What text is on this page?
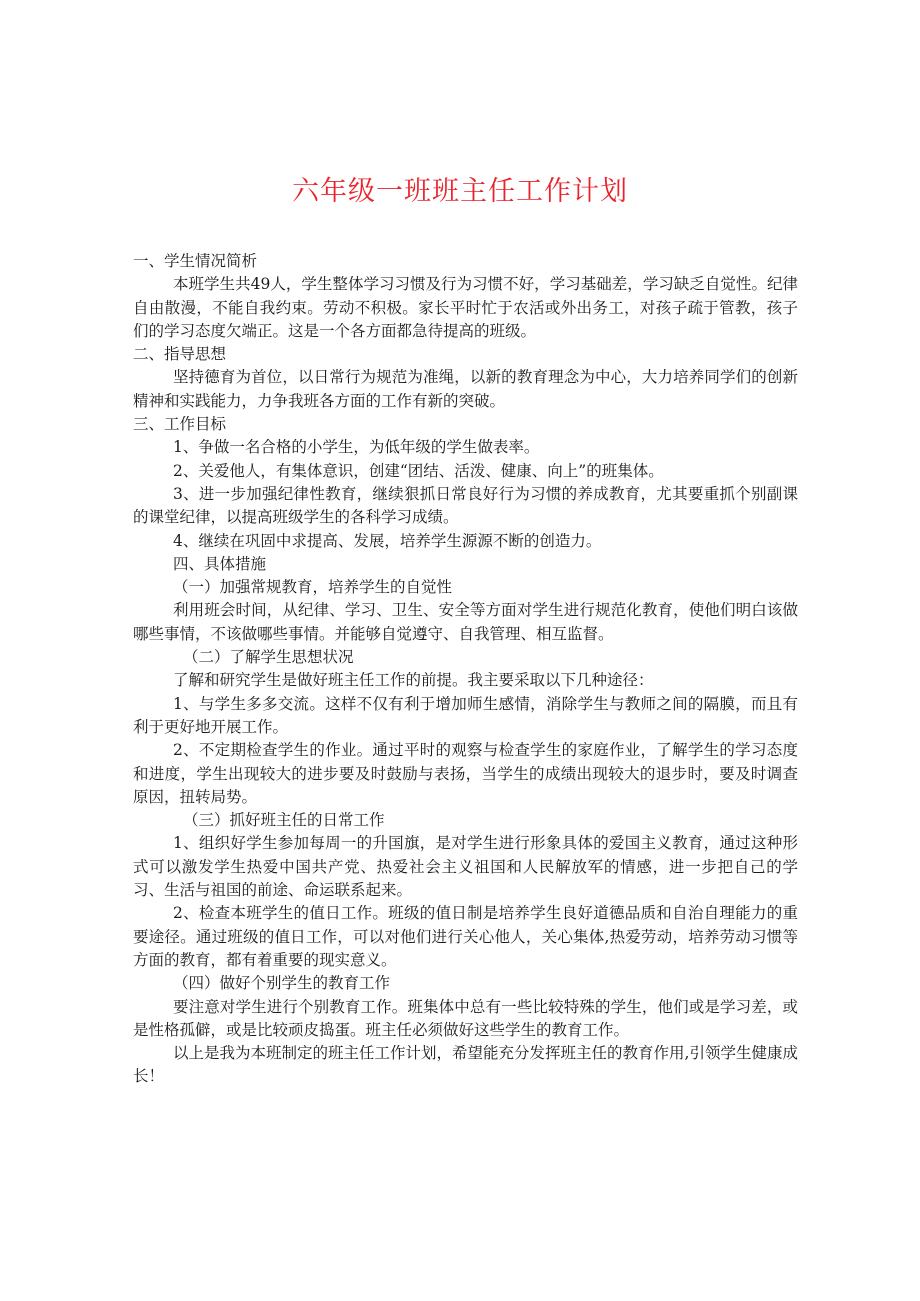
六年级一班班主任工作计划

一、学生情况简析

本班学生共49人，学生整体学习习惯及行为习惯不好，学习基础差，学习缺乏自觉性。纪律自由散漫，不能自我约束。劳动不积极。家长平时忙于农活或外出务工，对孩子疏于管教，孩子们的学习态度欠端正。这是一个各方面都急待提高的班级。

二、指导思想

坚持德育为首位，以日常行为规范为准绳，以新的教育理念为中心，大力培养同学们的创新精神和实践能力，力争我班各方面的工作有新的突破。

三、工作目标

1、争做一名合格的小学生，为低年级的学生做表率。

2、关爱他人，有集体意识，创建“团结、活泼、健康、向上”的班集体。

3、进一步加强纪律性教育，继续狠抓日常良好行为习惯的养成教育，尤其要重抓个别副课的课堂纪律，以提高班级学生的各科学习成绩。

4、继续在巩固中求提高、发展，培养学生源源不断的创造力。

四、具体措施

（一）加强常规教育，培养学生的自觉性

利用班会时间，从纪律、学习、卫生、安全等方面对学生进行规范化教育，使他们明白该做哪些事情，不该做哪些事情。并能够自觉遵守、自我管理、相互监督。

（二）了解学生思想状况

了解和研究学生是做好班主任工作的前提。我主要采取以下几种途径：

1、与学生多多交流。这样不仅有利于增加师生感情，消除学生与教师之间的隔膜，而且有利于更好地开展工作。

2、不定期检查学生的作业。通过平时的观察与检查学生的家庭作业，了解学生的学习态度和进度，学生出现较大的进步要及时鼓励与表扬，当学生的成绩出现较大的退步时，要及时调查原因，扭转局势。

（三）抓好班主任的日常工作

1、组织好学生参加每周一的升国旗，是对学生进行形象具体的爱国主义教育，通过这种形式可以激发学生热爱中国共产党、热爱社会主义祖国和人民解放军的情感，进一步把自己的学习、生活与祖国的前途、命运联系起来。

2、检查本班学生的值日工作。班级的值日制是培养学生良好道德品质和自治自理能力的重要途径。通过班级的值日工作，可以对他们进行关心他人，关心集体,热爱劳动，培养劳动习惯等方面的教育，都有着重要的现实意义。

（四）做好个别学生的教育工作

要注意对学生进行个别教育工作。班集体中总有一些比较特殊的学生，他们或是学习差，或是性格孤僻，或是比较顽皮捣蛋。班主任必须做好这些学生的教育工作。

以上是我为本班制定的班主任工作计划，希望能充分发挥班主任的教育作用,引领学生健康成长！
